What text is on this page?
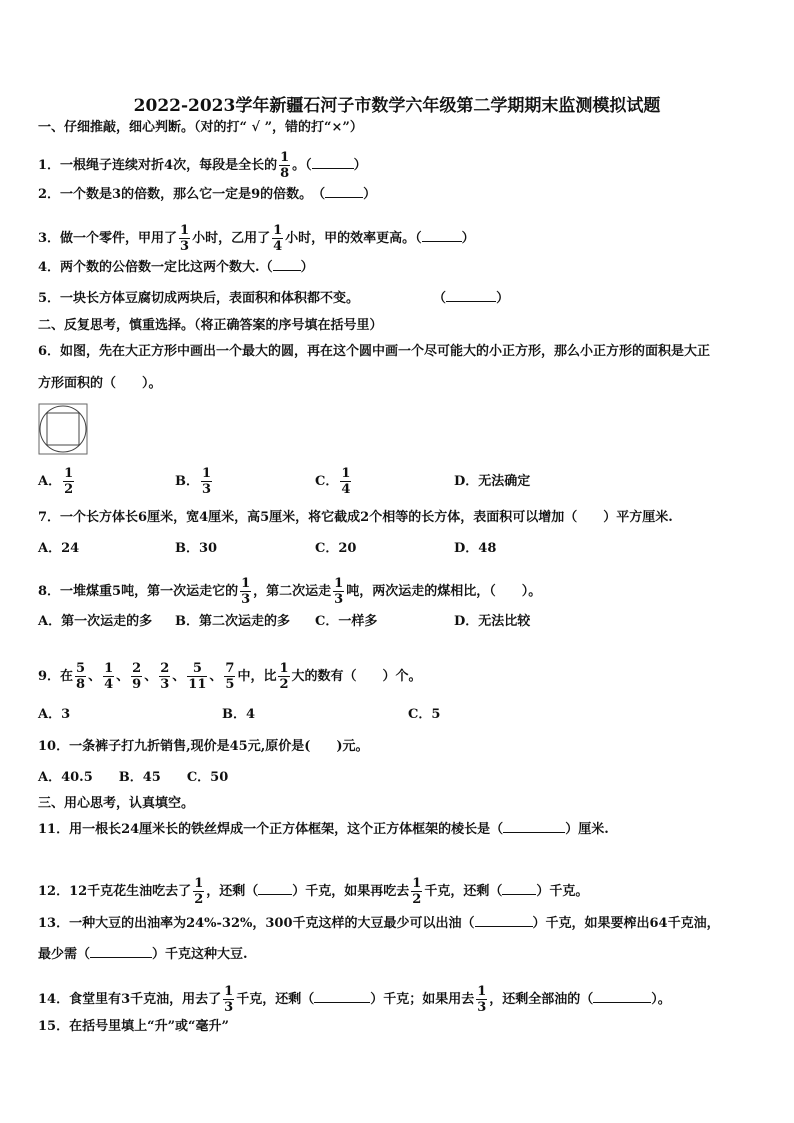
2022-2023学年新疆石河子市数学六年级第二学期期末监测模拟试题
一、仔细推敲，细心判断。（对的打“ √ ”，错的打“×”）
1．一根绳子连续对折4次，每段是全长的 $\frac{1}{8}$ 。（	）
2．一个数是3的倍数，那么它一定是9的倍数。　（	）
3．做一个零件，甲用了 $\frac{1}{3}$ 小时，乙用了 $\frac{1}{4}$ 小时，甲的效率更高。（	）
4．两个数的公倍数一定比这两个数大.（ ）
5．一块长方体豆腐切成两块后，表面积和体积都不变。	（	）
二、反复思考，慎重选择。（将正确答案的序号填在括号里）
6．如图，先在大正方形中画出一个最大的圆，再在这个圆中画一个尽可能大的小正方形，那么小正方形的面积是大正
方形面积的（　　）。
A． $\frac{1}{2}$	B． $\frac{1}{3}$	C． $\frac{1}{4}$	D．无法确定
7．一个长方体长6厘米，宽4厘米，高5厘米，将它截成2个相等的长方体，表面积可以增加（　　）平方厘米.
A．24	B．30	C．20	D．48
8．一堆煤重5吨，第一次运走它的 $\frac{1}{3}$ ，第二次运走 $\frac{1}{3}$ 吨，两次运走的煤相比，（　　）。
A．第一次运走的多 B．第二次运走的多 C．一样多	D．无法比较
9．在 $\frac{5}{8}$ 、 $\frac{1}{4}$ 、 $\frac{2}{9}$ 、 $\frac{2}{3}$ 、 $\frac{5}{11}$ 、 $\frac{7}{5}$ 中，比 $\frac{1}{2}$ 大的数有（　　）个。
A．3	B．4	C．5
10．一条裤子打九折销售,现价是45元,原价是(　　)元。
A．40.5　　B．45　　C．50
三、用心思考，认真填空。
11．用一根长24厘米长的铁丝焊成一个正方体框架，这个正方体框架的棱长是（	）厘米.
12．12千克花生油吃去了 $\frac{1}{2}$ ，还剩（	）千克，如果再吃去 $\frac{1}{2}$ 千克，还剩（	）千克。
13．一种大豆的出油率为24%-32%，300千克这样的大豆最少可以出油（	）千克，如果要榨出64千克油，
最少需（	）千克这种大豆.
14．食堂里有3千克油，用去了 $\frac{1}{3}$ 千克，还剩（	）千克；如果用去 $\frac{1}{3}$ ，还剩全部油的（	）。
15．在括号里填上“升”或“毫升”
